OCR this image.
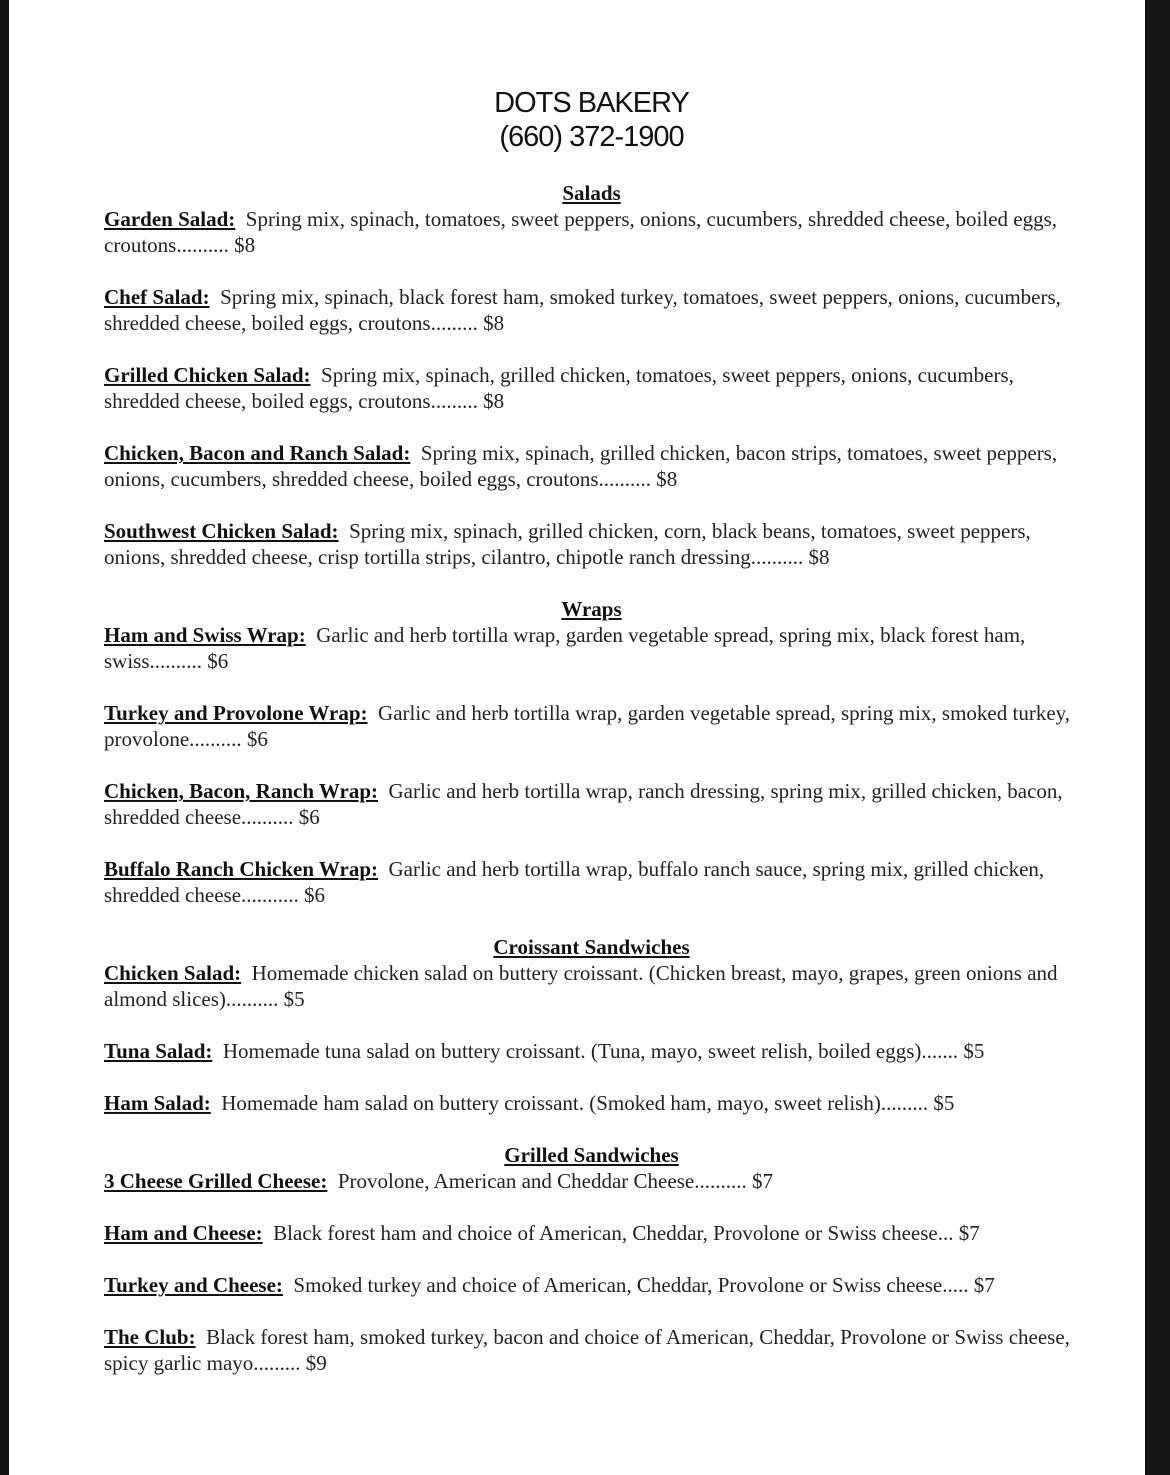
DOTS BAKERY
(660) 372-1900
Salads
Garden Salad: Spring mix, spinach, tomatoes, sweet peppers, onions, cucumbers, shredded cheese, boiled eggs, croutons.......... $8
Chef Salad: Spring mix, spinach, black forest ham, smoked turkey, tomatoes, sweet peppers, onions, cucumbers, shredded cheese, boiled eggs, croutons......... $8
Grilled Chicken Salad: Spring mix, spinach, grilled chicken, tomatoes, sweet peppers, onions, cucumbers, shredded cheese, boiled eggs, croutons......... $8
Chicken, Bacon and Ranch Salad: Spring mix, spinach, grilled chicken, bacon strips, tomatoes, sweet peppers, onions, cucumbers, shredded cheese, boiled eggs, croutons.......... $8
Southwest Chicken Salad: Spring mix, spinach, grilled chicken, corn, black beans, tomatoes, sweet peppers, onions, shredded cheese, crisp tortilla strips, cilantro, chipotle ranch dressing.......... $8
Wraps
Ham and Swiss Wrap: Garlic and herb tortilla wrap, garden vegetable spread, spring mix, black forest ham, swiss.......... $6
Turkey and Provolone Wrap: Garlic and herb tortilla wrap, garden vegetable spread, spring mix, smoked turkey, provolone.......... $6
Chicken, Bacon, Ranch Wrap: Garlic and herb tortilla wrap, ranch dressing, spring mix, grilled chicken, bacon, shredded cheese.......... $6
Buffalo Ranch Chicken Wrap: Garlic and herb tortilla wrap, buffalo ranch sauce, spring mix, grilled chicken, shredded cheese........... $6
Croissant Sandwiches
Chicken Salad: Homemade chicken salad on buttery croissant. (Chicken breast, mayo, grapes, green onions and almond slices).......... $5
Tuna Salad: Homemade tuna salad on buttery croissant. (Tuna, mayo, sweet relish, boiled eggs)....... $5
Ham Salad: Homemade ham salad on buttery croissant. (Smoked ham, mayo, sweet relish)......... $5
Grilled Sandwiches
3 Cheese Grilled Cheese: Provolone, American and Cheddar Cheese.......... $7
Ham and Cheese: Black forest ham and choice of American, Cheddar, Provolone or Swiss cheese... $7
Turkey and Cheese: Smoked turkey and choice of American, Cheddar, Provolone or Swiss cheese..... $7
The Club: Black forest ham, smoked turkey, bacon and choice of American, Cheddar, Provolone or Swiss cheese, spicy garlic mayo......... $9
